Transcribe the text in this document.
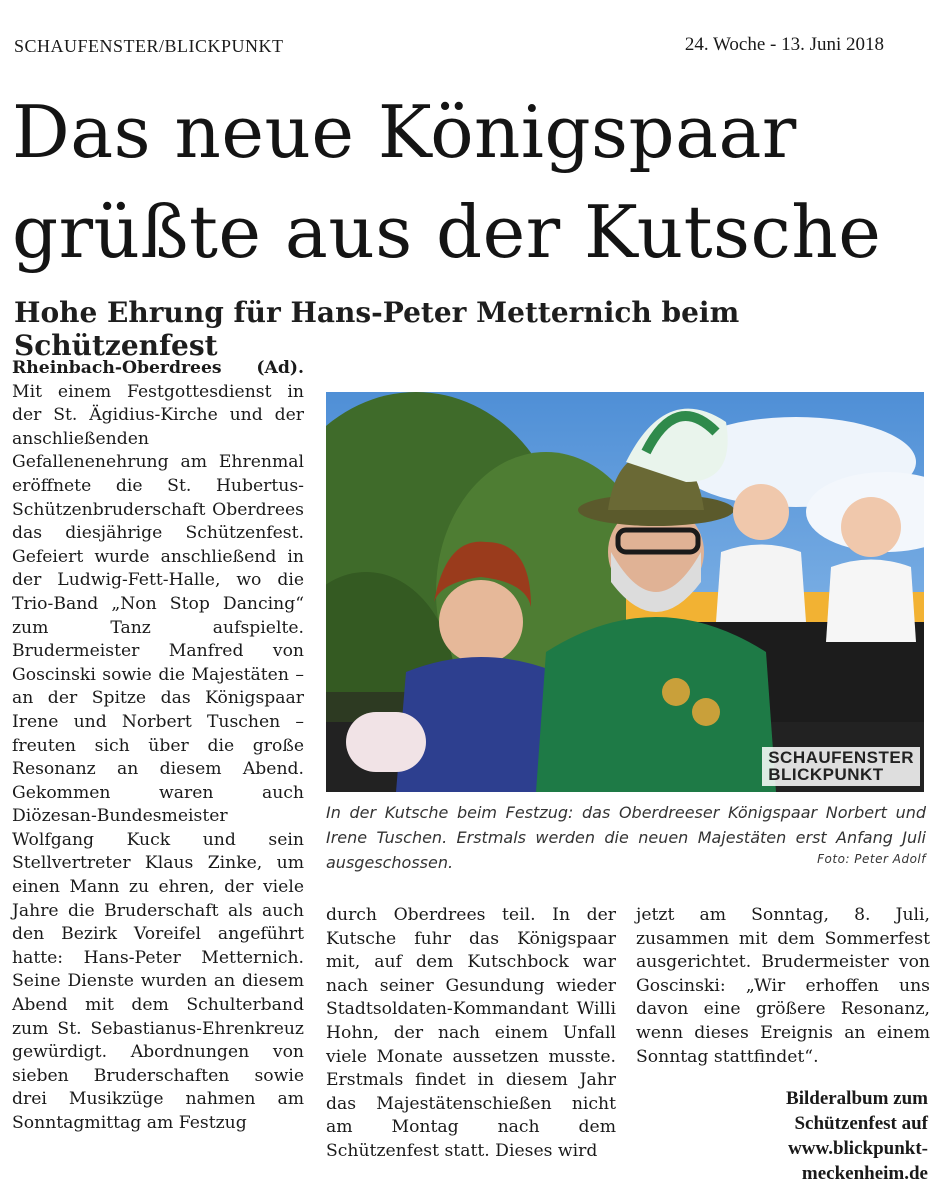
SCHAUFENSTER/BLICKPUNKT	24. Woche - 13. Juni 2018
Das neue Königspaar grüßte aus der Kutsche
Hohe Ehrung für Hans-Peter Metternich beim Schützenfest

Rheinbach-Oberdrees (Ad). Mit einem Festgottesdienst in der St. Ägidius-Kirche und der anschließenden Gefallenenehrung am Ehrenmal eröffnete die St. Hubertus-Schützenbruderschaft Oberdrees das diesjährige Schützenfest. Gefeiert wurde anschließend in der Ludwig-Fett-Halle, wo die Trio-Band „Non Stop Dancing“ zum Tanz aufspielte. Brudermeister Manfred von Goscinski sowie die Majestäten – an der Spitze das Königspaar Irene und Norbert Tuschen – freuten sich über die große Resonanz an diesem Abend. Gekommen waren auch Diözesan-Bundesmeister Wolfgang Kuck und sein Stellvertreter Klaus Zinke, um einen Mann zu ehren, der viele Jahre die Bruderschaft als auch den Bezirk Voreifel angeführt hatte: Hans-Peter Metternich. Seine Dienste wurden an diesem Abend mit dem Schulterband zum St. Sebastianus-Ehrenkreuz gewürdigt. Abordnungen von sieben Bruderschaften sowie drei Musikzüge nahmen am Sonntagmittag am Festzug

SCHAUFENSTER
BLICKPUNKT

In der Kutsche beim Festzug: das Oberdreeser Königspaar Norbert und Irene Tuschen. Erstmals werden die neuen Majestäten erst Anfang Juli ausgeschossen.	Foto: Peter Adolf

durch Oberdrees teil. In der Kutsche fuhr das Königspaar mit, auf dem Kutschbock war nach seiner Gesundung wieder Stadtsoldaten-Kommandant Willi Hohn, der nach einem Unfall viele Monate aussetzen musste. Erstmals findet in diesem Jahr das Majestätenschießen nicht am Montag nach dem Schützenfest statt. Dieses wird

jetzt am Sonntag, 8. Juli, zusammen mit dem Sommerfest ausgerichtet. Brudermeister von Goscinski: „Wir erhoffen uns davon eine größere Resonanz, wenn dieses Ereignis an einem Sonntag stattfindet“.

Bilderalbum zum
Schützenfest auf
www.blickpunkt-
meckenheim.de
